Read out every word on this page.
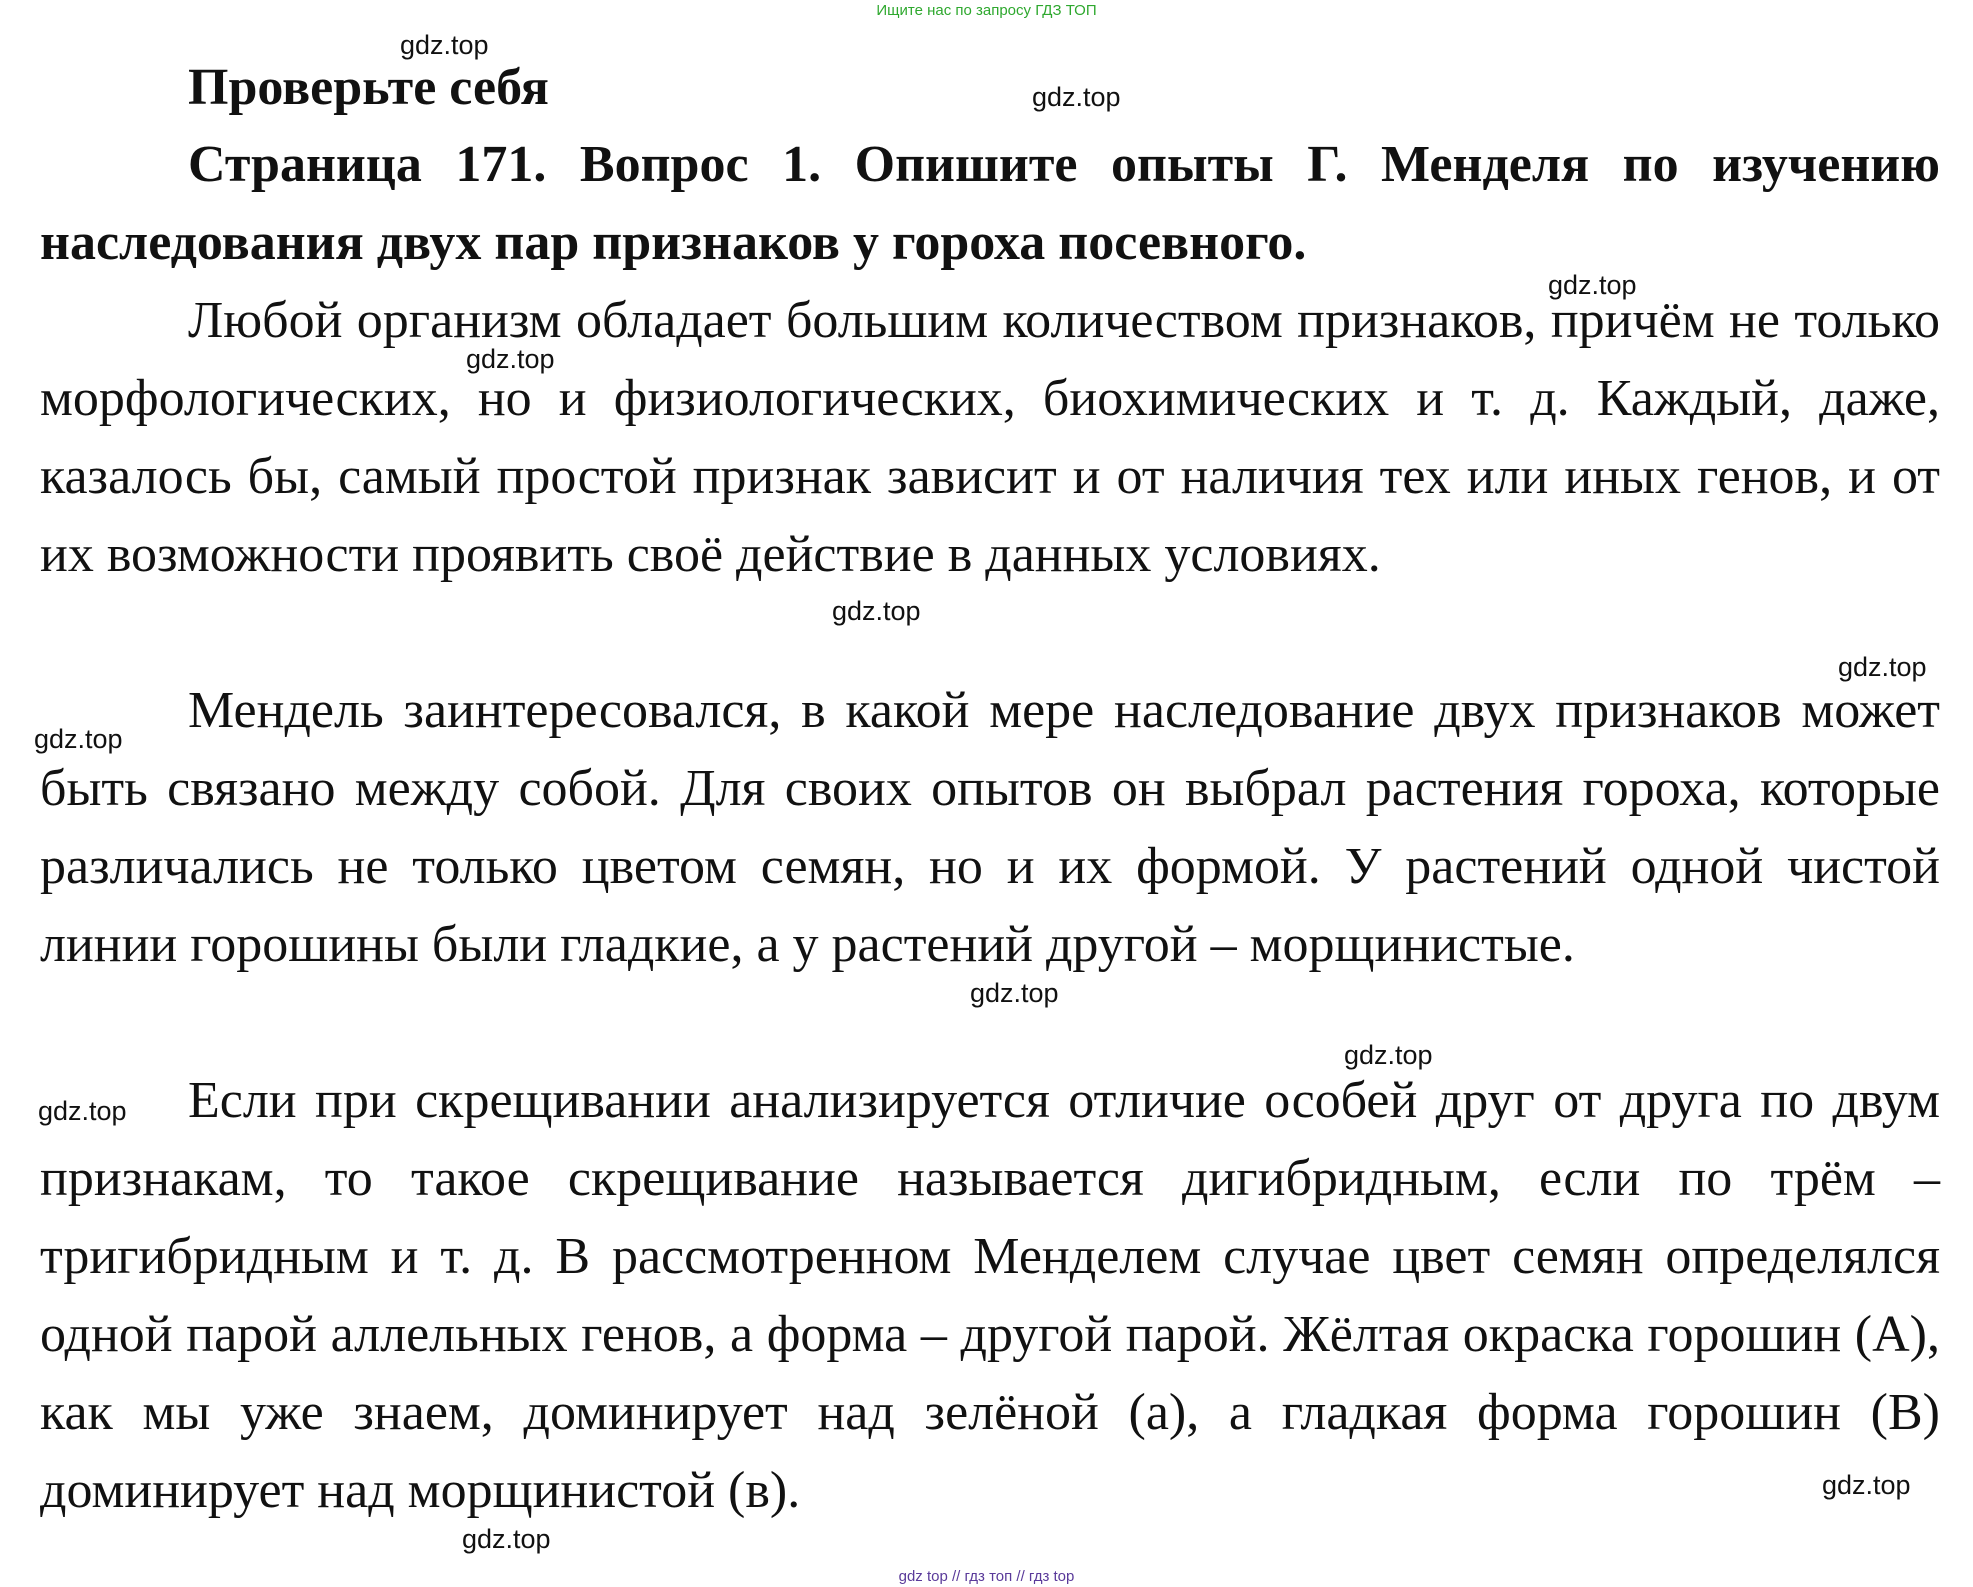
Ищите нас по запросу ГДЗ ТОП
Проверьте себя

Страница 171. Вопрос 1. Опишите опыты Г. Менделя по изучению наследования двух пар признаков у гороха посевного.

Любой организм обладает большим количеством признаков, причём не только морфологических, но и физиологических, биохимических и т. д. Каждый, даже, казалось бы, самый простой признак зависит и от наличия тех или иных генов, и от их возможности проявить своё действие в данных условиях.

Мендель заинтересовался, в какой мере наследование двух признаков может быть связано между собой. Для своих опытов он выбрал растения гороха, которые различались не только цветом семян, но и их формой. У растений одной чистой линии горошины были гладкие, а у растений другой – морщинистые.

Если при скрещивании анализируется отличие особей друг от друга по двум признакам, то такое скрещивание называется дигибридным, если по трём – тригибридным и т. д. В рассмотренном Менделем случае цвет семян определялся одной парой аллельных генов, а форма – другой парой. Жёлтая окраска горошин (А), как мы уже знаем, доминирует над зелёной (а), а гладкая форма горошин (В) доминирует над морщинистой (в).

gdz.top
gdz.top
gdz.top
gdz.top
gdz.top
gdz.top
gdz.top
gdz.top
gdz.top
gdz.top
gdz.top
gdz.top
gdz top // гдз топ // гдз top
